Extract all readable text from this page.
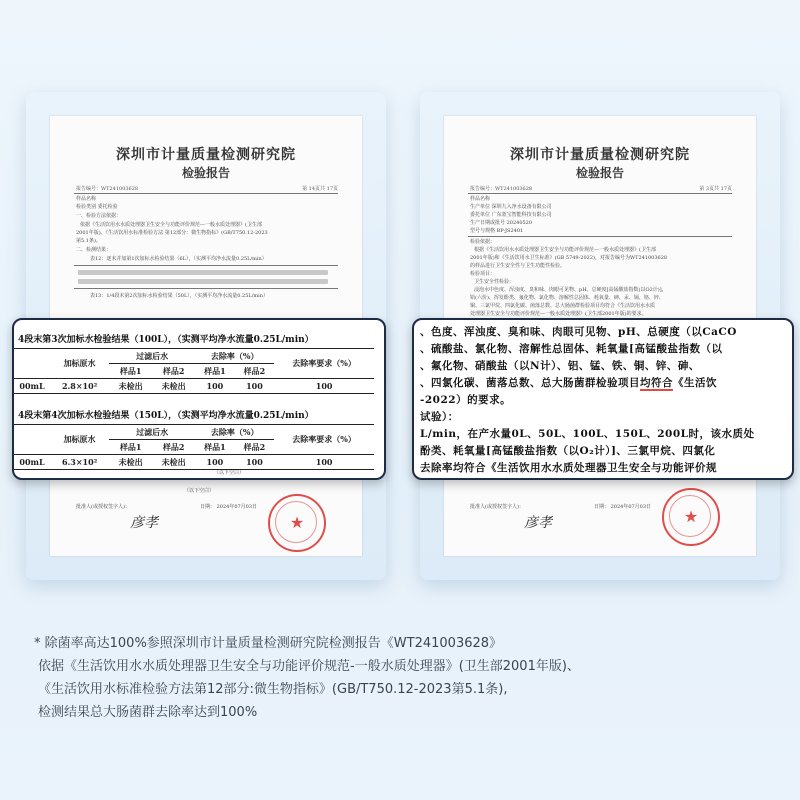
深圳市计量质量检测研究院
检验报告
报告编号：WT241003628	第 14页共 17页
样品名称
检验类别 委托检验
一、检验方法依据：
依据《生活饮用水水质处理器卫生安全与功能评价规范—一般水质处理器》(卫生部
2001年版)、《生活饮用水标准检验方法 第12部分：微生物指标》(GB/T750.12-2023
第5.1条)。
二、检测结果：
表12：逐末并加第1次加标水检验结果（6L），（实测平均净水流量0.25L/min）
表13：1/4段末第2次加标水检验结果（50L），（实测平均净水流量0.25L/min）
（以下空白）
批准人(或授权签字人)：	日期： 2024年07月03日
彦孝	★
深圳市计量质量检测研究院
检验报告
报告编号：WT241003628	第 3页共 17页
样品名称
生产单位 深圳九入净水设备有限公司
委托单位 广东蓝宝智能科技有限公司
生产日期或批号 20240520
型号与规格 BP-JS2401
检验依据：
根据《生活饮用水水质处理器卫生安全与功能评价规范—一般水质处理器》(卫生部
2001年版)和《生活饮用水卫生标准》(GB 5749-2022)，对报告编号为WT241003628
的样品进行卫生安全性与卫生功能性检验。
检验项目：
卫生安全性检验：
浸泡水中色度、浑浊度、臭和味、肉眼可见物、pH、总硬度[高锰酸盐指数(以O2计)]、
铅(六价)、挥发酚类、氟化物、氯化物、溶解性总固体、耗氧量、砷、汞、镉、铬、锌、
铜、三氯甲烷、四氯化碳、菌落总数、总大肠菌群检验项目均符合《生活饮用水水质
处理器卫生安全与功能评价规范—一般水质处理器》(卫生部2001年版)的要求。
批准人(或授权签字人)：	日期： 2024年07月03日
彦孝	★
4段末第3次加标水检验结果（100L），（实测平均净水流量0.25L/min）
	加标原水	过滤后水		去除率（%）		去除率要求（%）
		样品1	样品2	样品1	样品2	
00mL	2.8×10²	未检出	未检出	100	100	100
4段末第4次加标水检验结果（150L），（实测平均净水流量0.25L/min）
	加标原水	过滤后水		去除率（%）		去除率要求（%）
		样品1	样品2	样品1	样品2	
00mL	6.3×10²	未检出	未检出	100	100	100
（以下空白）
、色度、浑浊度、臭和味、肉眼可见物、pH、总硬度（以CaCO
、硫酸盐、氯化物、溶解性总固体、耗氧量[高锰酸盐指数（以
、氟化物、硝酸盐（以N计）、铝、锰、铁、铜、锌、砷、
、四氯化碳、菌落总数、总大肠菌群检验项目均符合《生活饮
-2022）的要求。
试验）：
L/min，在产水量0L、50L、100L、150L、200L时，该水质处
酚类、耗氧量[高锰酸盐指数（以O₂计）]、三氯甲烷、四氯化
去除率均符合《生活饮用水水质处理器卫生安全与功能评价规
* 除菌率高达100%参照深圳市计量质量检测研究院检测报告《WT241003628》
依据《生活饮用水水质处理器卫生安全与功能评价规范-一般水质处理器》(卫生部2001年版)、
《生活饮用水标准检验方法第12部分:微生物指标》(GB/T750.12-2023第5.1条),
检测结果总大肠菌群去除率达到100%
